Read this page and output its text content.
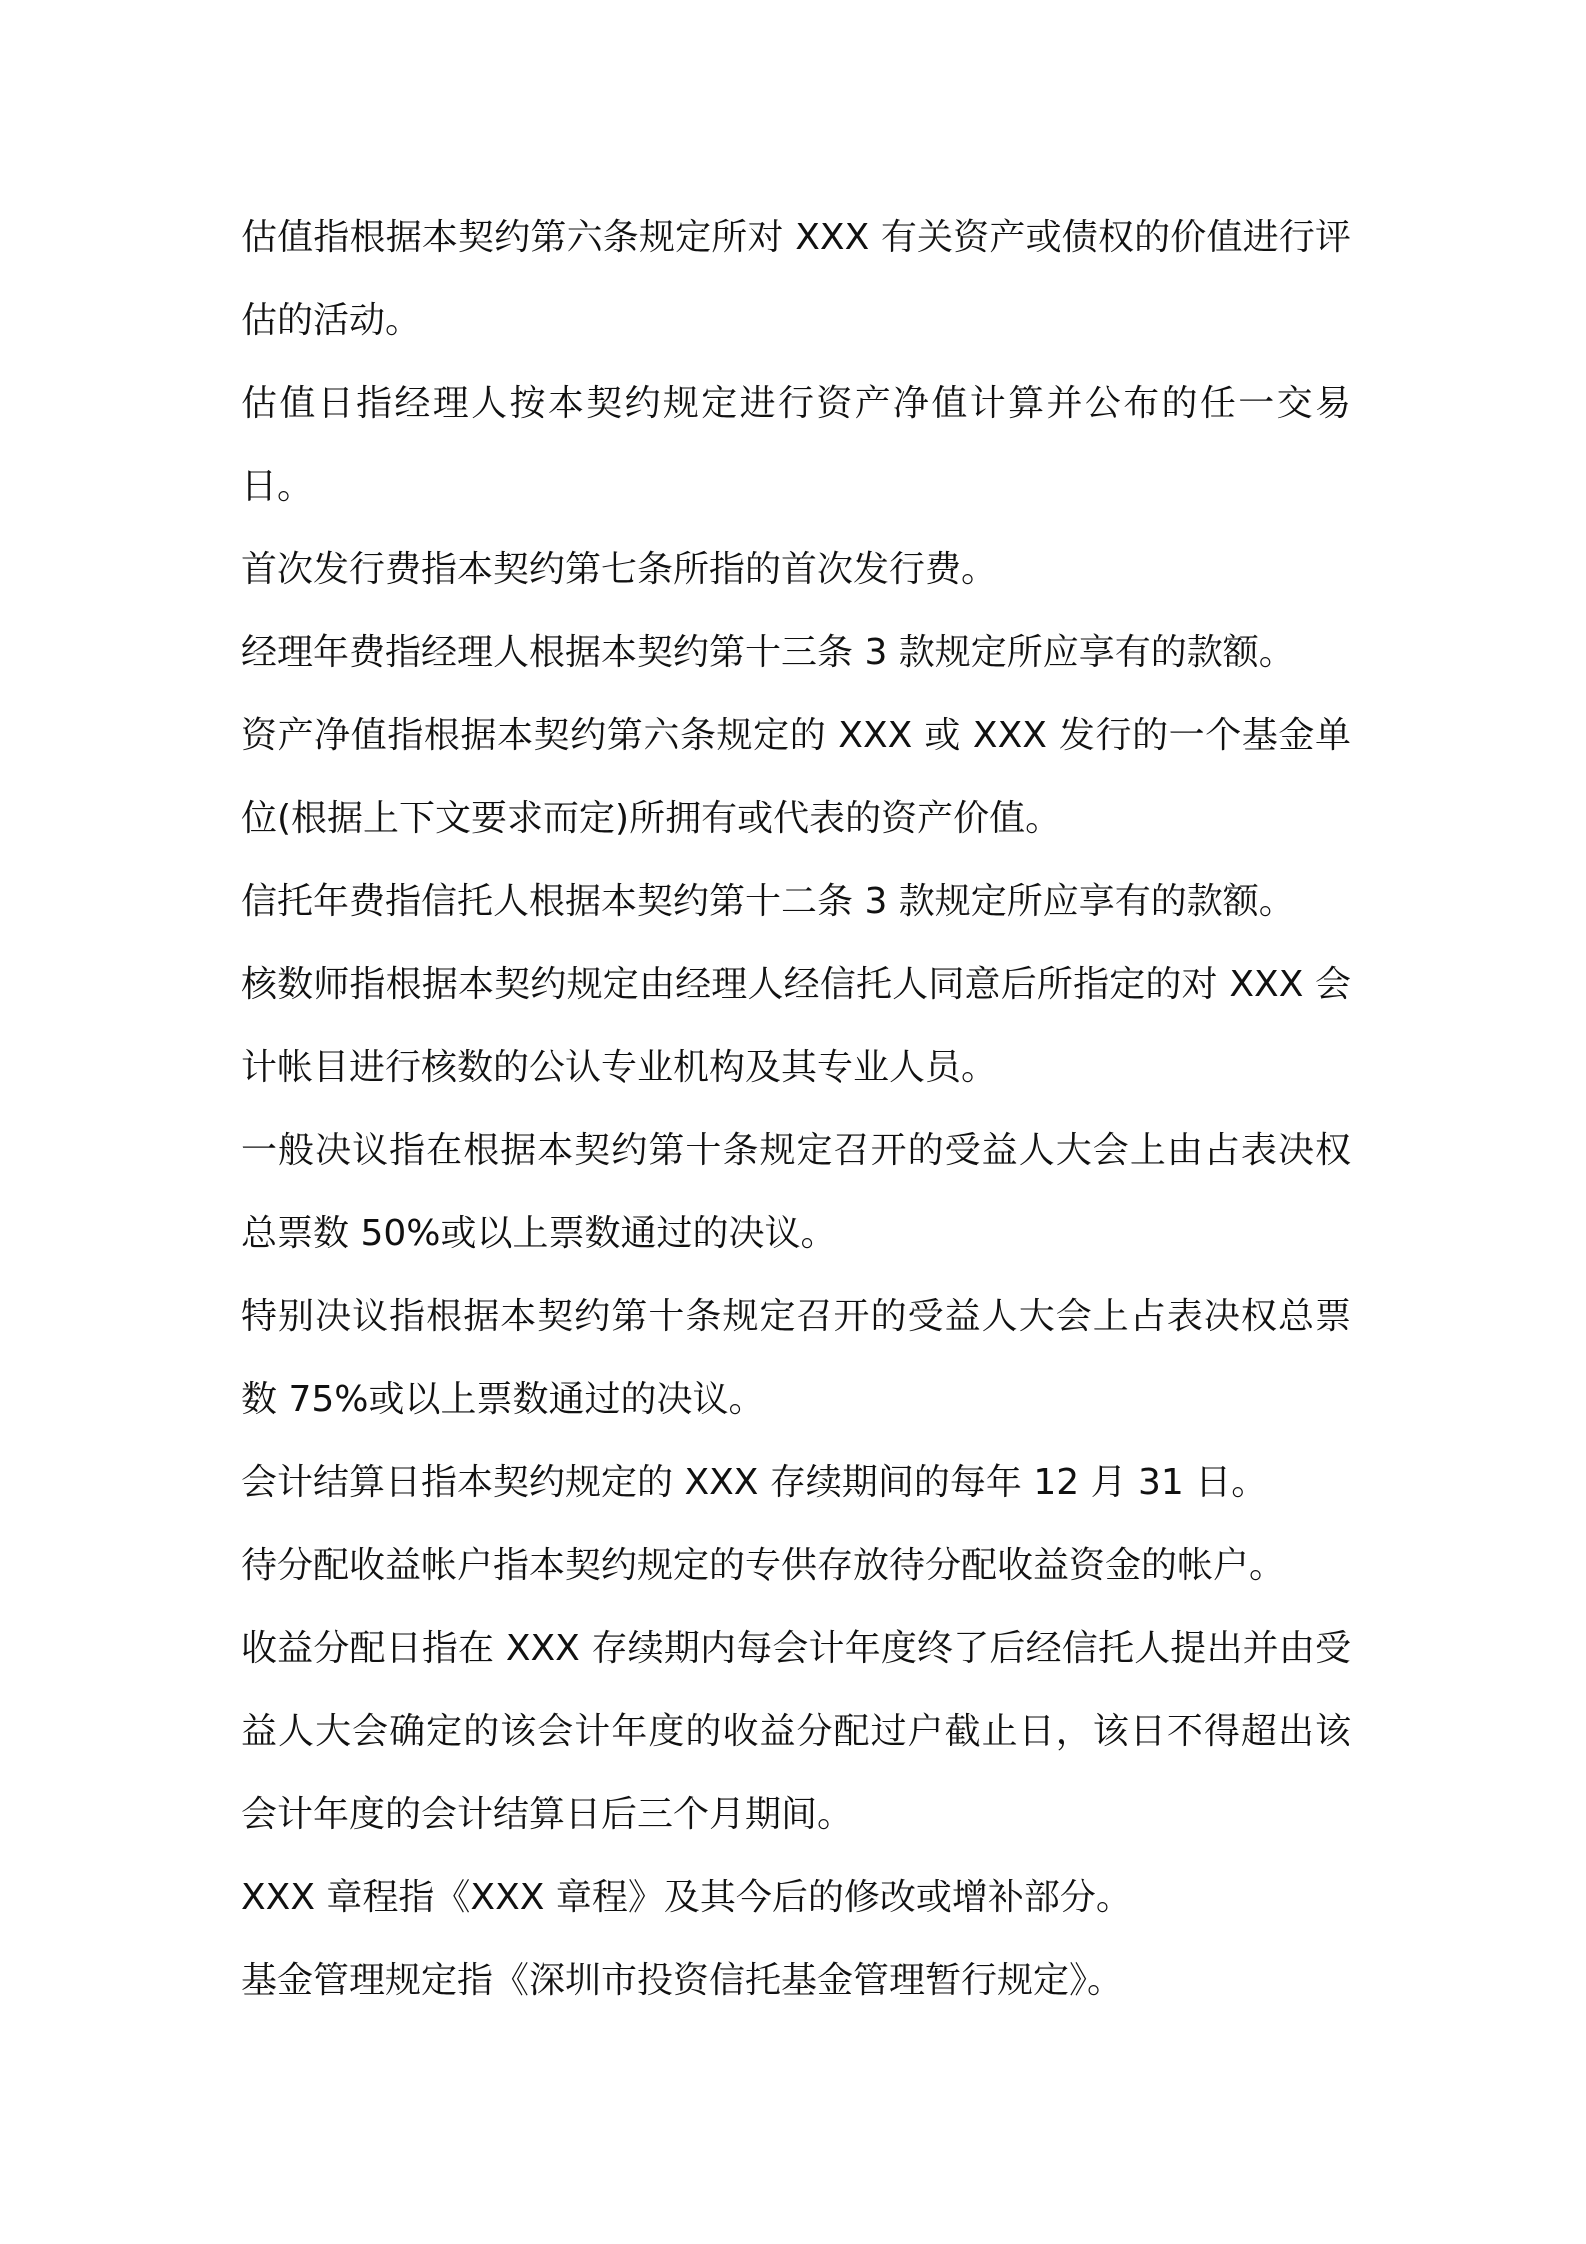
估值指根据本契约第六条规定所对 XXX 有关资产或债权的价值进行评估的活动。

估值日指经理人按本契约规定进行资产净值计算并公布的任一交易日。

首次发行费指本契约第七条所指的首次发行费。

经理年费指经理人根据本契约第十三条 3 款规定所应享有的款额。

资产净值指根据本契约第六条规定的 XXX 或 XXX 发行的一个基金单位(根据上下文要求而定)所拥有或代表的资产价值。

信托年费指信托人根据本契约第十二条 3 款规定所应享有的款额。

核数师指根据本契约规定由经理人经信托人同意后所指定的对 XXX 会计帐目进行核数的公认专业机构及其专业人员。

一般决议指在根据本契约第十条规定召开的受益人大会上由占表决权总票数 50%或以上票数通过的决议。

特别决议指根据本契约第十条规定召开的受益人大会上占表决权总票数 75%或以上票数通过的决议。

会计结算日指本契约规定的 XXX 存续期间的每年 12 月 31 日。

待分配收益帐户指本契约规定的专供存放待分配收益资金的帐户。

收益分配日指在 XXX 存续期内每会计年度终了后经信托人提出并由受益人大会确定的该会计年度的收益分配过户截止日，该日不得超出该会计年度的会计结算日后三个月期间。

XXX 章程指《XXX 章程》及其今后的修改或增补部分。

基金管理规定指《深圳市投资信托基金管理暂行规定》。
